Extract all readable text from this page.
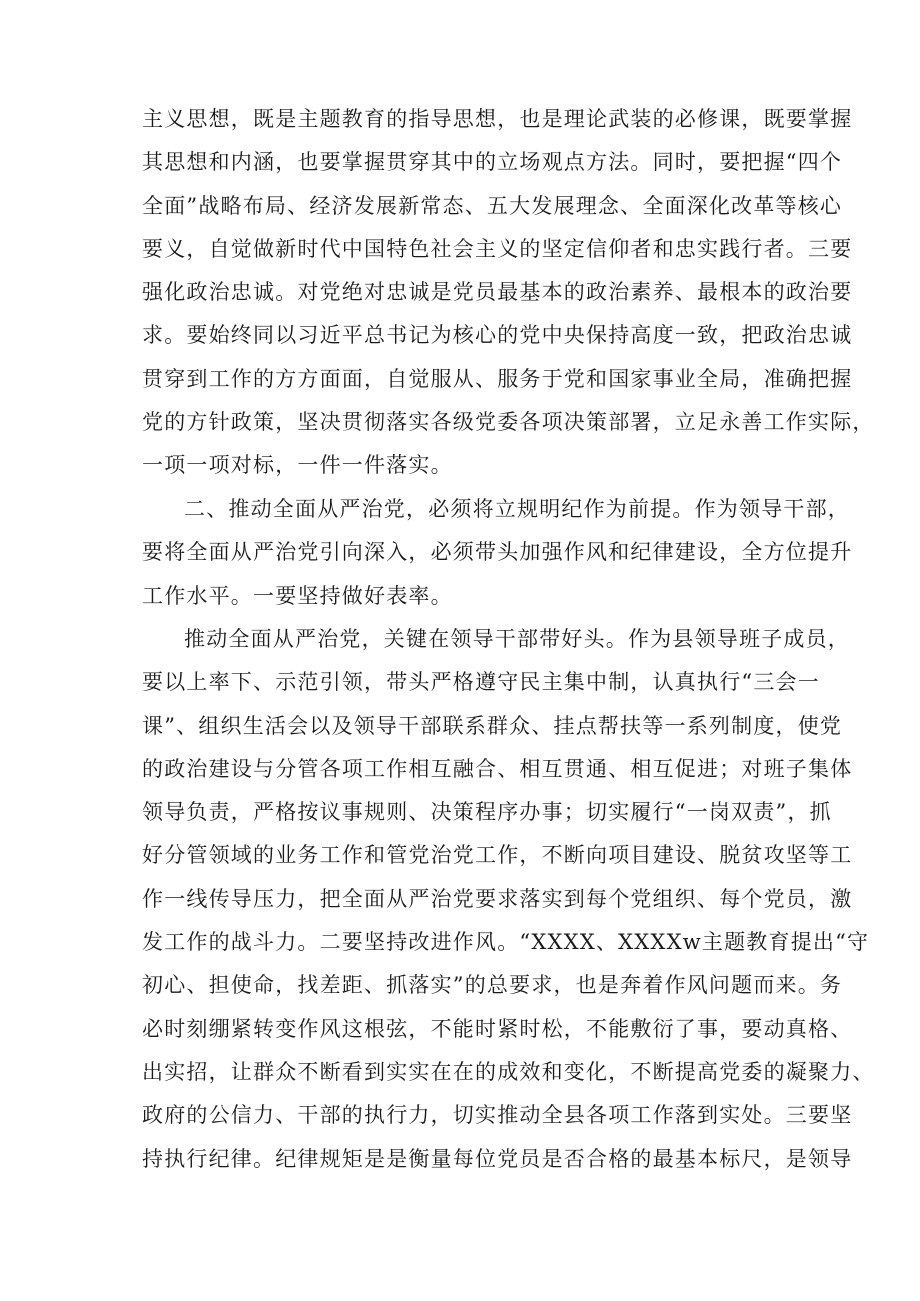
主义思想，既是主题教育的指导思想，也是理论武装的必修课，既要掌握
其思想和内涵，也要掌握贯穿其中的立场观点方法。同时，要把握“四个
全面”战略布局、经济发展新常态、五大发展理念、全面深化改革等核心
要义，自觉做新时代中国特色社会主义的坚定信仰者和忠实践行者。三要
强化政治忠诚。对党绝对忠诚是党员最基本的政治素养、最根本的政治要
求。要始终同以习近平总书记为核心的党中央保持高度一致，把政治忠诚
贯穿到工作的方方面面，自觉服从、服务于党和国家事业全局，准确把握
党的方针政策，坚决贯彻落实各级党委各项决策部署，立足永善工作实际，
一项一项对标，一件一件落实。
二、推动全面从严治党，必须将立规明纪作为前提。作为领导干部，
要将全面从严治党引向深入，必须带头加强作风和纪律建设，全方位提升
工作水平。一要坚持做好表率。
推动全面从严治党，关键在领导干部带好头。作为县领导班子成员，
要以上率下、示范引领，带头严格遵守民主集中制，认真执行“三会一
课”、组织生活会以及领导干部联系群众、挂点帮扶等一系列制度，使党
的政治建设与分管各项工作相互融合、相互贯通、相互促进；对班子集体
领导负责，严格按议事规则、决策程序办事；切实履行“一岗双责”，抓
好分管领域的业务工作和管党治党工作，不断向项目建设、脱贫攻坚等工
作一线传导压力，把全面从严治党要求落实到每个党组织、每个党员，激
发工作的战斗力。二要坚持改进作风。“XXXX、XXXXw主题教育提出“守
初心、担使命，找差距、抓落实”的总要求，也是奔着作风问题而来。务
必时刻绷紧转变作风这根弦，不能时紧时松，不能敷衍了事，要动真格、
出实招，让群众不断看到实实在在的成效和变化，不断提高党委的凝聚力、
政府的公信力、干部的执行力，切实推动全县各项工作落到实处。三要坚
持执行纪律。纪律规矩是是衡量每位党员是否合格的最基本标尺，是领导
